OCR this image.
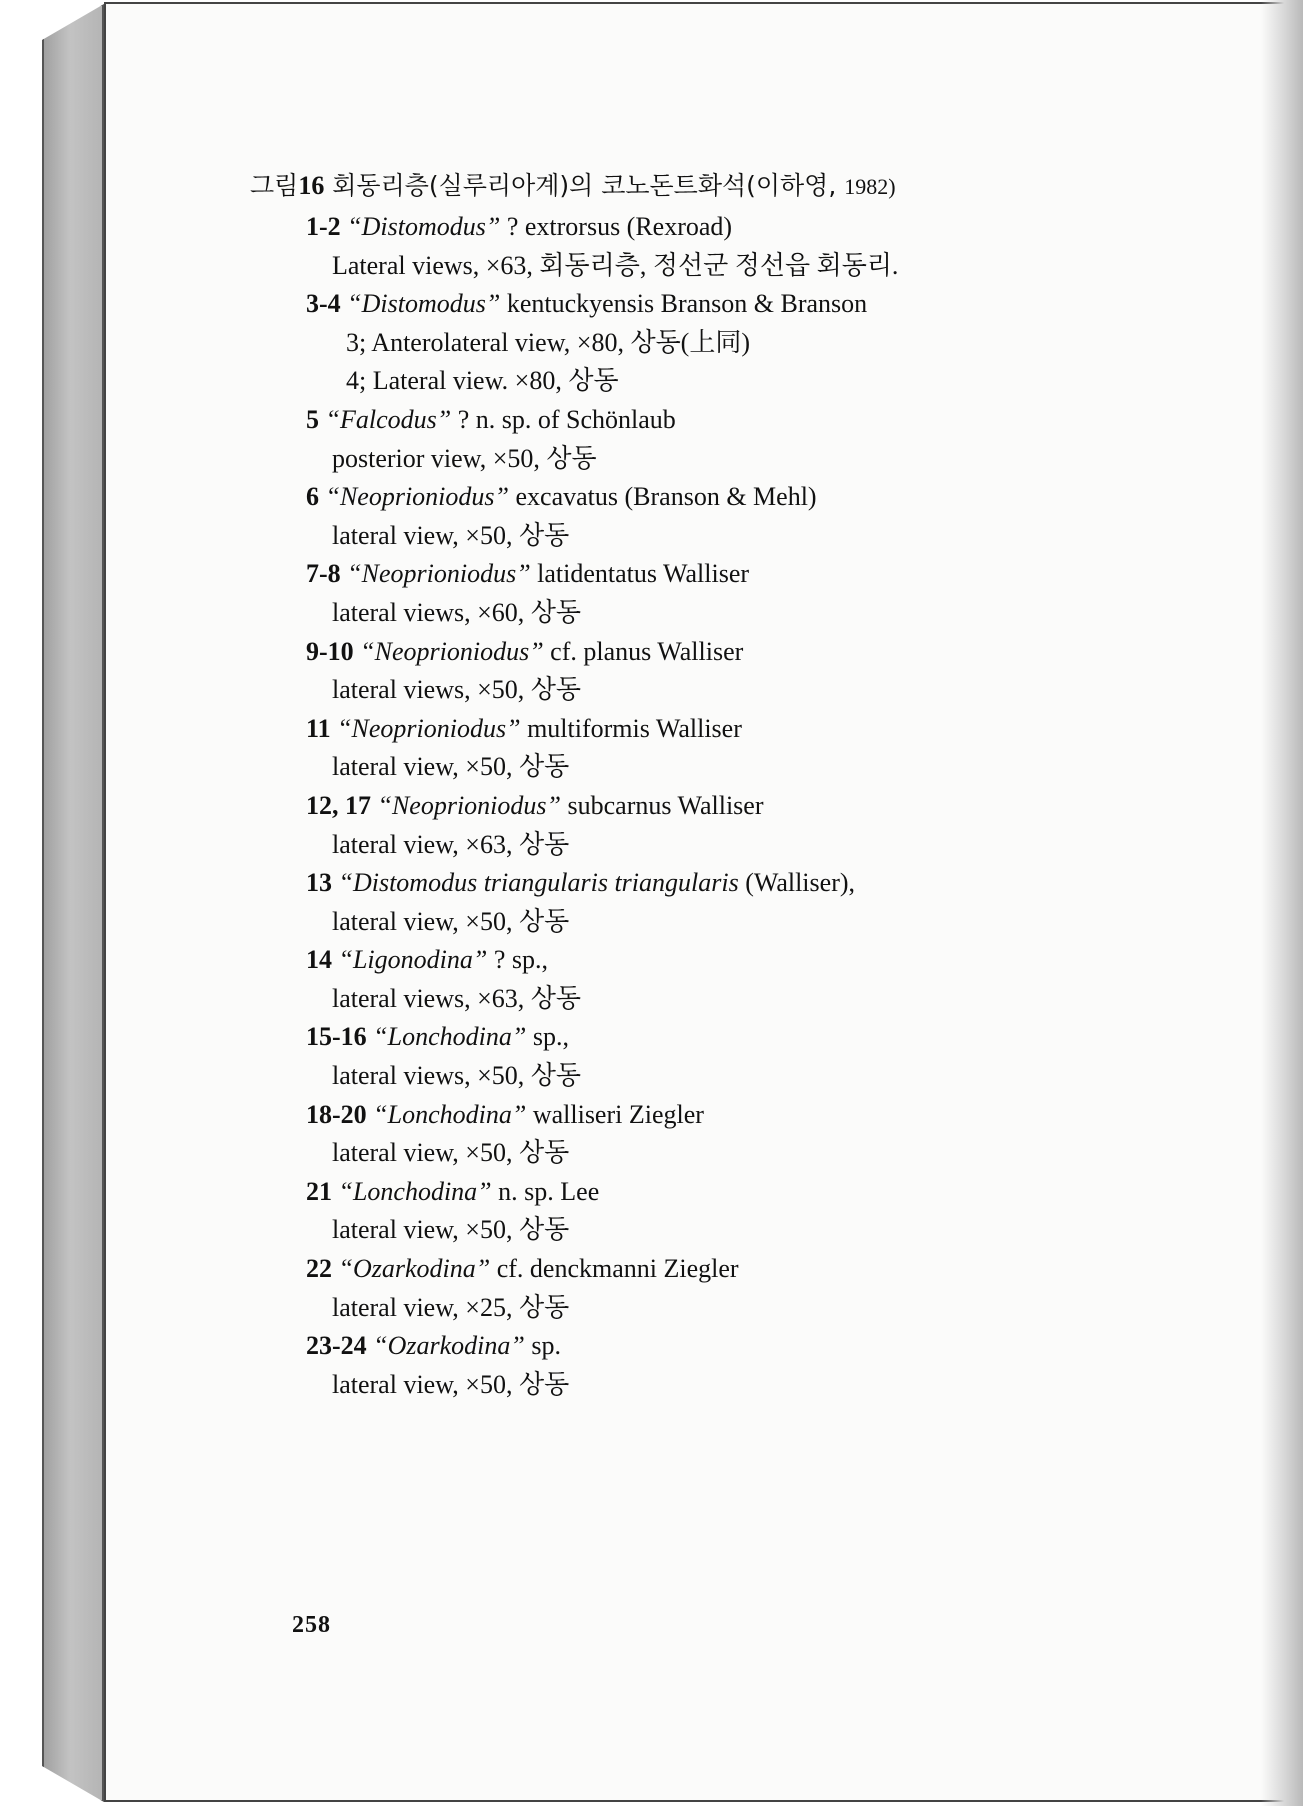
그림16 회동리층(실루리아계)의 코노돈트화석(이하영, 1982)
1-2 “Distomodus” ? extrorsus (Rexroad)
Lateral views, ×63, 회동리층, 정선군 정선읍 회동리.
3-4 “Distomodus” kentuckyensis Branson & Branson
3; Anterolateral view, ×80, 상동(上同)
4; Lateral view. ×80, 상동
5 “Falcodus” ? n. sp. of Schönlaub
posterior view, ×50, 상동
6 “Neoprioniodus” excavatus (Branson & Mehl)
lateral view, ×50, 상동
7-8 “Neoprioniodus” latidentatus Walliser
lateral views, ×60, 상동
9-10 “Neoprioniodus” cf. planus Walliser
lateral views, ×50, 상동
11 “Neoprioniodus” multiformis Walliser
lateral view, ×50, 상동
12, 17 “Neoprioniodus” subcarnus Walliser
lateral view, ×63, 상동
13 “Distomodus triangularis triangularis (Walliser),
lateral view, ×50, 상동
14 “Ligonodina” ? sp.,
lateral views, ×63, 상동
15-16 “Lonchodina” sp.,
lateral views, ×50, 상동
18-20 “Lonchodina” walliseri Ziegler
lateral view, ×50, 상동
21 “Lonchodina” n. sp. Lee
lateral view, ×50, 상동
22 “Ozarkodina” cf. denckmanni Ziegler
lateral view, ×25, 상동
23-24 “Ozarkodina” sp.
lateral view, ×50, 상동
258
